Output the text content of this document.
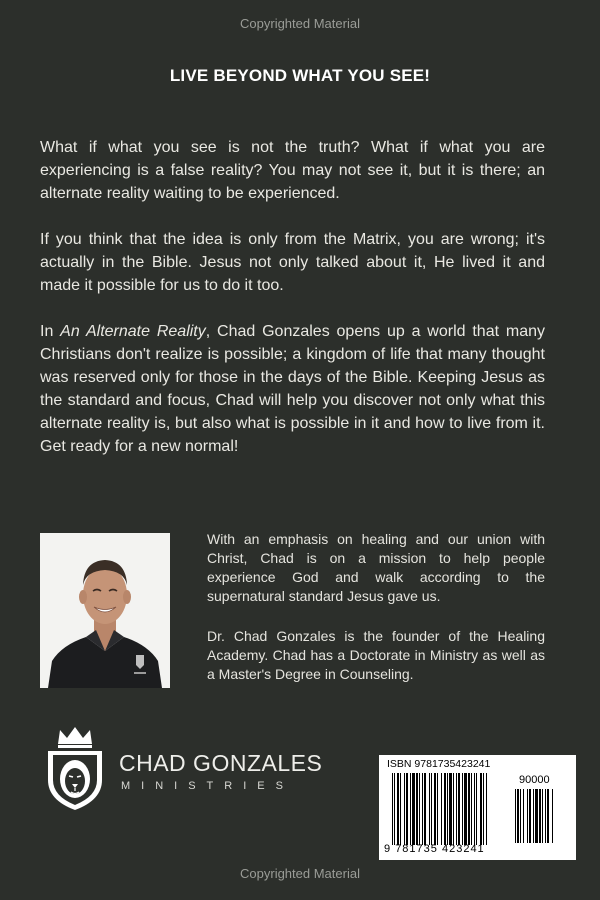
Copyrighted Material
LIVE BEYOND WHAT YOU SEE!

What if what you see is not the truth? What if what you are experiencing is a false reality? You may not see it, but it is there; an alternate reality waiting to be experienced.

If you think that the idea is only from the Matrix, you are wrong; it's actually in the Bible. Jesus not only talked about it, He lived it and made it possible for us to do it too.

In An Alternate Reality, Chad Gonzales opens up a world that many Christians don't realize is possible; a kingdom of life that many thought was reserved only for those in the days of the Bible. Keeping Jesus as the standard and focus, Chad will help you discover not only what this alternate reality is, but also what is possible in it and how to live from it. Get ready for a new normal!

With an emphasis on healing and our union with Christ, Chad is on a mission to help people experience God and walk according to the supernatural standard Jesus gave us.

Dr. Chad Gonzales is the founder of the Healing Academy. Chad has a Doctorate in Ministry as well as a Master's Degree in Counseling.

CHAD GONZALES
MINISTRIES
ISBN 9781735423241
90000
9 781735 423241
Copyrighted Material
